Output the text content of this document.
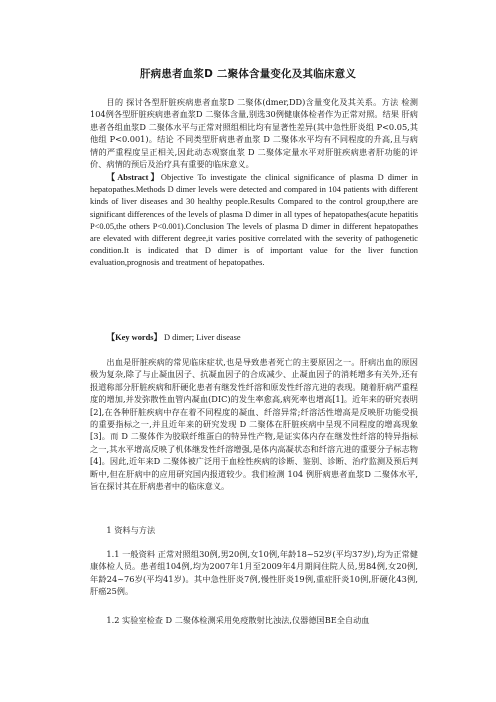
肝病患者血浆D 二聚体含量变化及其临床意义
目的 探讨各型肝脏疾病患者血浆D 二聚体(dmer,DD)含量变化及其关系。方法 检测 104例各型肝脏疾病患者血浆D 二聚体含量,别选30例健康体检者作为正常对照。结果 肝病患者各组血浆D 二聚体水平与正常对照组相比均有显著性差异(其中急性肝炎组 P<0.05,其他组 P<0.001)。结论 不同类型肝病患者血浆 D 二聚体水平均有不同程度的升高,且与病情的严重程度呈正相关,因此动态观察血浆 D 二聚体定量水平对肝脏疾病患者肝功能的评价、病情的预后及治疗具有重要的临床意义。
【Abstract】Objective To investigate the clinical significance of plasma D dimer in hepatopathes.Methods D dimer levels were detected and compared in 104 patients with different kinds of liver diseases and 30 healthy people.Results Compared to the control group,there are significant differences of the levels of plasma D dimer in all types of hepatopathes(acute hepatitis P<0.05,the others P<0.001).Conclusion The levels of plasma D dimer in different hepatopathes are elevated with different degree,it varies positive correlated with the severity of pathogenetic condition.It is indicated that D dimer is of important value for the liver function evaluation,prognosis and treatment of hepatopathes.
【Key words】 D dimer; Liver disease
出血是肝脏疾病的常见临床症状,也是导致患者死亡的主要原因之一。肝病出血的原因极为复杂,除了与止凝血因子、抗凝血因子的合成减少、止凝血因子的消耗增多有关外,还有报道称部分肝脏疾病和肝硬化患者有继发性纤溶和原发性纤溶亢进的表现。随着肝病严重程度的增加,并发弥散性血管内凝血(DIC)的发生率愈高,病死率也增高[1]。近年来的研究表明[2],在各种肝脏疾病中存在着不同程度的凝血、纤溶异常;纤溶活性增高是反映肝功能受损的重要指标之一,并且近年来的研究发现 D 二聚体在肝脏疾病中呈现不同程度的增高现象[3]。而 D 二聚体作为胶联纤维蛋白的特异性产物,是证实体内存在继发性纤溶的特异指标之一,其水平增高反映了机体继发性纤溶增强,是体内高凝状态和纤溶亢进的重要分子标志物[4]。因此,近年来D 二聚体被广泛用于血栓性疾病的诊断、鉴别、诊断、治疗监测及预后判断中,但在肝病中的应用研究国内报道较少。我们检测 104 例肝病患者血浆D 二聚体水平,旨在探讨其在肝病患者中的临床意义。
1 资料与方法
1.1 一般资料 正常对照组30例,男20例,女10例,年龄18~52岁(平均37岁),均为正常健康体检人员。患者组104例,均为2007年1月至2009年4月期间住院人员,男84例,女20例,年龄24~76岁(平均41岁)。其中急性肝炎7例,慢性肝炎19例,重症肝炎10例,肝硬化43例,肝癌25例。
1.2 实验室检查 D 二聚体检测采用免疫散射比浊法,仪器德国BE全自动血
